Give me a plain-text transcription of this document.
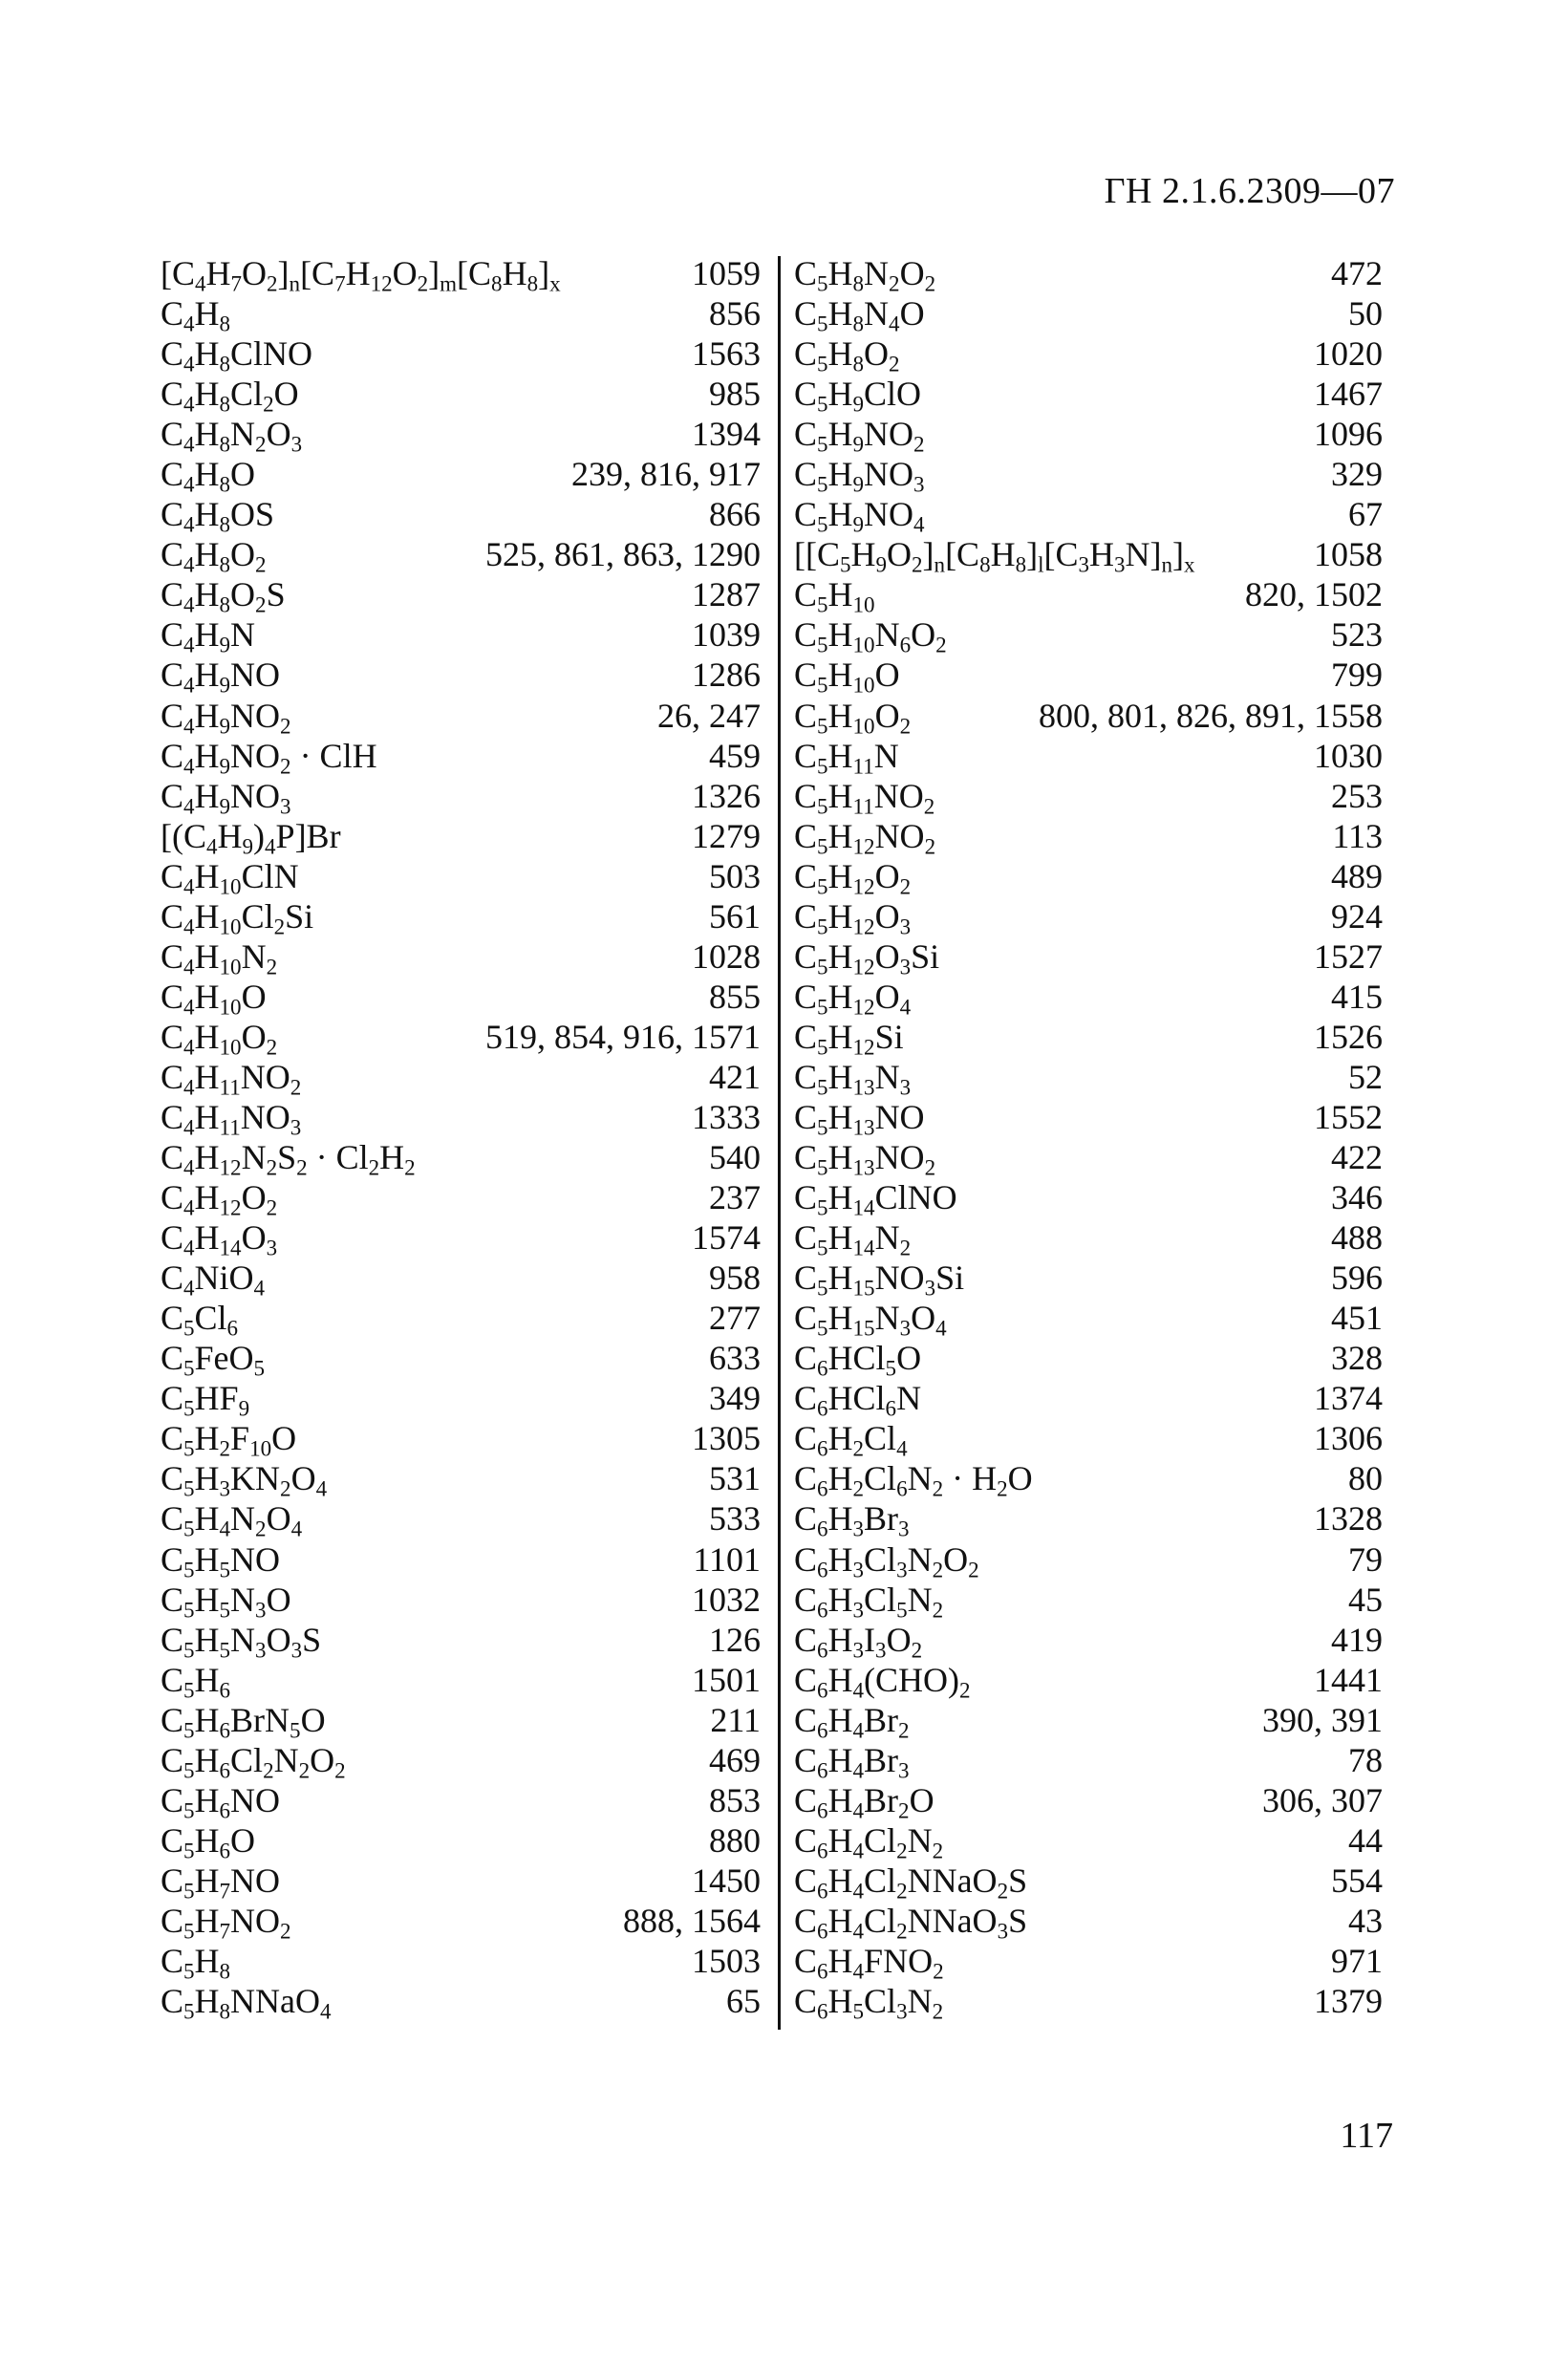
ГН 2.1.6.2309—07
$[C_4H_7O_2]_n[C_7H_{12}O_2]_m[C_8H_8]_x$	1059
$C_4H_8$	856
$C_4H_8ClNO$	1563
$C_4H_8Cl_2O$	985
$C_4H_8N_2O_3$	1394
$C_4H_8O$	239, 816, 917
$C_4H_8OS$	866
$C_4H_8O_2$	525, 861, 863, 1290
$C_4H_8O_2S$	1287
$C_4H_9N$	1039
$C_4H_9NO$	1286
$C_4H_9NO_2$	26, 247
$C_4H_9NO_2$ · ClH	459
$C_4H_9NO_3$	1326
$[(C_4H_9)_4P]Br$	1279
$C_4H_{10}ClN$	503
$C_4H_{10}Cl_2Si$	561
$C_4H_{10}N_2$	1028
$C_4H_{10}O$	855
$C_4H_{10}O_2$	519, 854, 916, 1571
$C_4H_{11}NO_2$	421
$C_4H_{11}NO_3$	1333
$C_4H_{12}N_2S_2 \cdot Cl_2H_2$	540
$C_4H_{12}O_2$	237
$C_4H_{14}O_3$	1574
$C_4NiO_4$	958
$C_5Cl_6$	277
$C_5FeO_5$	633
$C_5HF_9$	349
$C_5H_2F_{10}O$	1305
$C_5H_3KN_2O_4$	531
$C_5H_4N_2O_4$	533
$C_5H_5NO$	1101
$C_5H_5N_3O$	1032
$C_5H_5N_3O_3S$	126
$C_5H_6$	1501
$C_5H_6BrN_5O$	211
$C_5H_6Cl_2N_2O_2$	469
$C_5H_6NO$	853
$C_5H_6O$	880
$C_5H_7NO$	1450
$C_5H_7NO_2$	888, 1564
$C_5H_8$	1503
$C_5H_8NNaO_4$	65
$C_5H_8N_2O_2$	472
$C_5H_8N_4O$	50
$C_5H_8O_2$	1020
$C_5H_9ClO$	1467
$C_5H_9NO_2$	1096
$C_5H_9NO_3$	329
$C_5H_9NO_4$	67
$[[C_5H_9O_2]_n[C_8H_8]_l[C_3H_3N]_n]_x$	1058
$C_5H_{10}$	820, 1502
$C_5H_{10}N_6O_2$	523
$C_5H_{10}O$	799
$C_5H_{10}O_2$	800, 801, 826, 891, 1558
$C_5H_{11}N$	1030
$C_5H_{11}NO_2$	253
$C_5H_{12}NO_2$	113
$C_5H_{12}O_2$	489
$C_5H_{12}O_3$	924
$C_5H_{12}O_3Si$	1527
$C_5H_{12}O_4$	415
$C_5H_{12}Si$	1526
$C_5H_{13}N_3$	52
$C_5H_{13}NO$	1552
$C_5H_{13}NO_2$	422
$C_5H_{14}ClNO$	346
$C_5H_{14}N_2$	488
$C_5H_{15}NO_3Si$	596
$C_5H_{15}N_3O_4$	451
$C_6HCl_5O$	328
$C_6HCl_6N$	1374
$C_6H_2Cl_4$	1306
$C_6H_2Cl_6N_2 \cdot H_2O$	80
$C_6H_3Br_3$	1328
$C_6H_3Cl_3N_2O_2$	79
$C_6H_3Cl_5N_2$	45
$C_6H_3I_3O_2$	419
$C_6H_4(CHO)_2$	1441
$C_6H_4Br_2$	390, 391
$C_6H_4Br_3$	78
$C_6H_4Br_2O$	306, 307
$C_6H_4Cl_2N_2$	44
$C_6H_4Cl_2NNaO_2S$	554
$C_6H_4Cl_2NNaO_3S$	43
$C_6H_4FNO_2$	971
$C_6H_5Cl_3N_2$	1379
117
